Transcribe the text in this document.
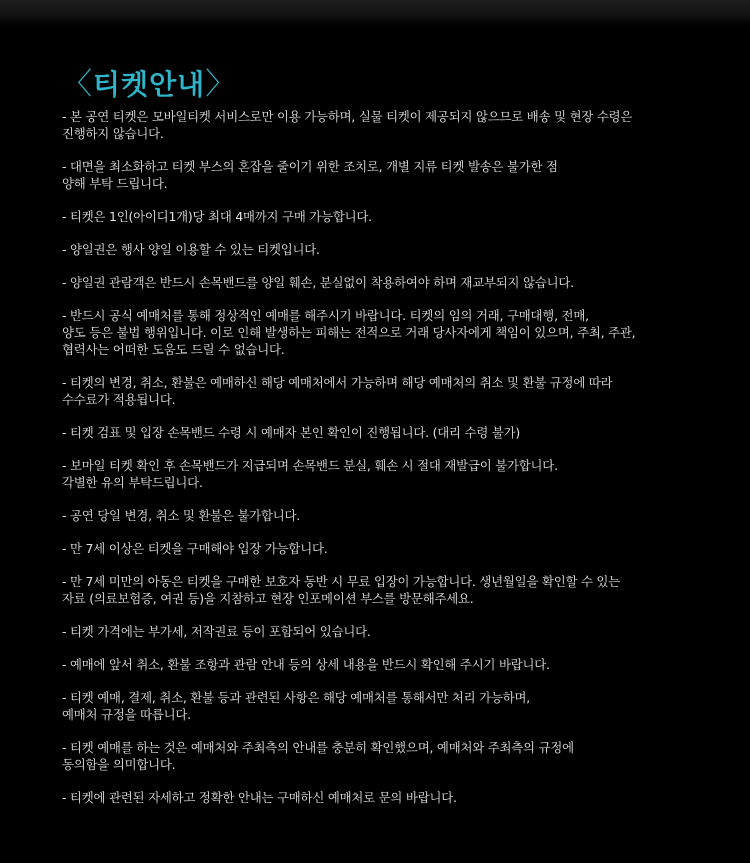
〈티켓안내〉
- 본 공연 티켓은 모바일티켓 서비스로만 이용 가능하며, 실물 티켓이 제공되지 않으므로 배송 및 현장 수령은
진행하지 않습니다.
- 대면을 최소화하고 티켓 부스의 혼잡을 줄이기 위한 조치로, 개별 지류 티켓 발송은 불가한 점
양해 부탁 드립니다.
- 티켓은 1인(아이디1개)당 최대 4매까지 구매 가능합니다.
- 양일권은 행사 양일 이용할 수 있는 티켓입니다.
- 양일권 관람객은 반드시 손목밴드를 양일 훼손, 분실없이 착용하여야 하며 재교부되지 않습니다.
- 반드시 공식 예매처를 통해 정상적인 예매를 해주시기 바랍니다. 티켓의 임의 거래, 구매대행, 전매,
양도 등은 불법 행위입니다. 이로 인해 발생하는 피해는 전적으로 거래 당사자에게 책임이 있으며, 주최, 주관,
협력사는 어떠한 도움도 드릴 수 없습니다.
- 티켓의 변경, 취소, 환불은 예매하신 해당 예매처에서 가능하며 해당 예매처의 취소 및 환불 규정에 따라
수수료가 적용됩니다.
- 티켓 검표 및 입장 손목밴드 수령 시 예매자 본인 확인이 진행됩니다. (대리 수령 불가)
- 보마일 티켓 확인 후 손목밴드가 지급되며 손목밴드 분실, 훼손 시 절대 재발급이 불가합니다.
각별한 유의 부탁드립니다.
- 공연 당일 변경, 취소 및 환불은 불가합니다.
- 만 7세 이상은 티켓을 구매해야 입장 가능합니다.
- 만 7세 미만의 아동은 티켓을 구매한 보호자 동반 시 무료 입장이 가능합니다. 생년월일을 확인할 수 있는
자료 (의료보험증, 여권 등)을 지참하고 현장 인포메이션 부스를 방문해주세요.
- 티켓 가격에는 부가세, 저작권료 등이 포함되어 있습니다.
- 예매에 앞서 취소, 환불 조항과 관람 안내 등의 상세 내용을 반드시 확인해 주시기 바랍니다.
- 티켓 예매, 결제, 취소, 환불 등과 관련된 사항은 해당 예매처를 통해서만 처리 가능하며,
예매처 규정을 따릅니다.
- 티켓 예매를 하는 것은 예매처와 주최측의 안내를 충분히 확인했으며, 예매처와 주최측의 규정에
동의함을 의미합니다.
- 티켓에 관련된 자세하고 정확한 안내는 구매하신 예매처로 문의 바랍니다.
